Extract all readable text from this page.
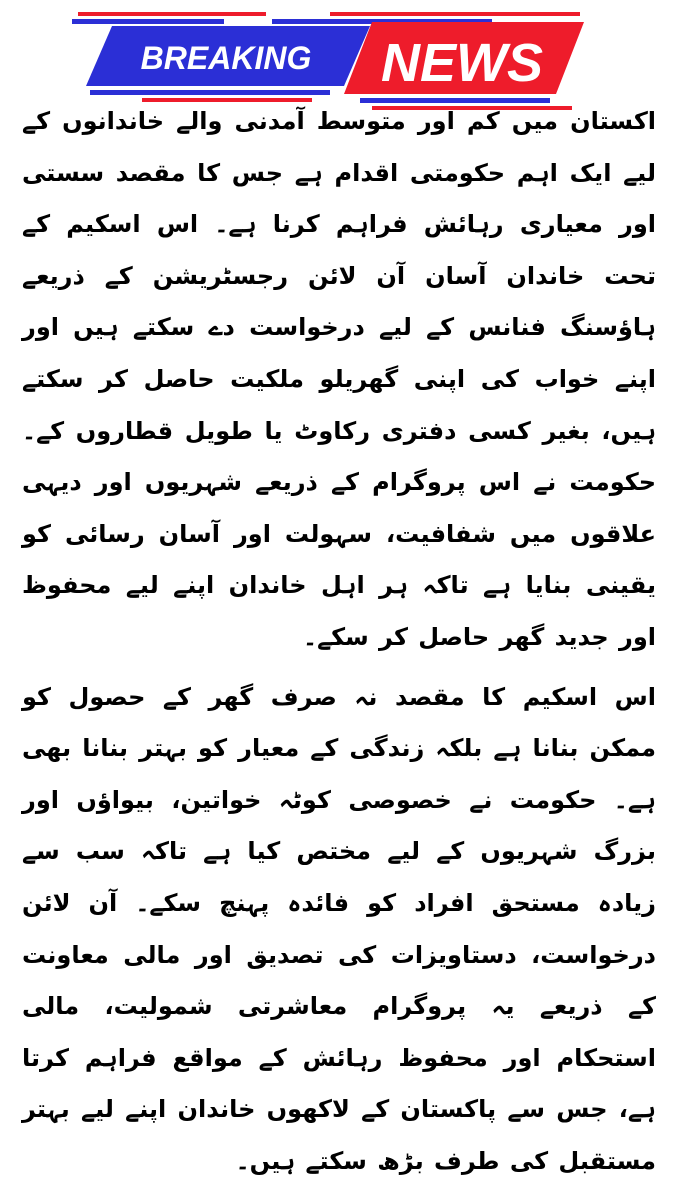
BREAKING NEWS

اکستان میں کم اور متوسط آمدنی والے خاندانوں کے لیے ایک اہم حکومتی اقدام ہے جس کا مقصد سستی اور معیاری رہائش فراہم کرنا ہے۔ اس اسکیم کے تحت خاندان آسان آن لائن رجسٹریشن کے ذریعے ہاؤسنگ فنانس کے لیے درخواست دے سکتے ہیں اور اپنے خواب کی اپنی گھریلو ملکیت حاصل کر سکتے ہیں، بغیر کسی دفتری رکاوٹ یا طویل قطاروں کے۔ حکومت نے اس پروگرام کے ذریعے شہریوں اور دیہی علاقوں میں شفافیت، سہولت اور آسان رسائی کو یقینی بنایا ہے تاکہ ہر اہل خاندان اپنے لیے محفوظ اور جدید گھر حاصل کر سکے۔

اس اسکیم کا مقصد نہ صرف گھر کے حصول کو ممکن بنانا ہے بلکہ زندگی کے معیار کو بہتر بنانا بھی ہے۔ حکومت نے خصوصی کوٹہ خواتین، بیواؤں اور بزرگ شہریوں کے لیے مختص کیا ہے تاکہ سب سے زیادہ مستحق افراد کو فائدہ پہنچ سکے۔ آن لائن درخواست، دستاویزات کی تصدیق اور مالی معاونت کے ذریعے یہ پروگرام معاشرتی شمولیت، مالی استحکام اور محفوظ رہائش کے مواقع فراہم کرتا ہے، جس سے پاکستان کے لاکھوں خاندان اپنے لیے بہتر مستقبل کی طرف بڑھ سکتے ہیں۔
